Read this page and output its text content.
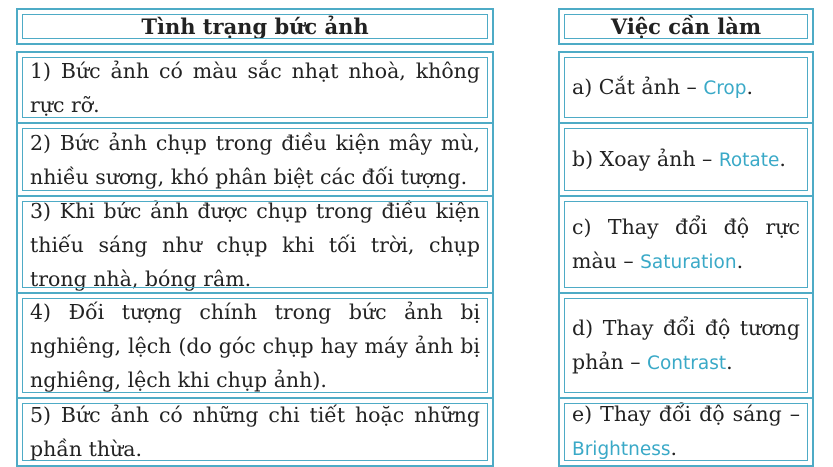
Tình trạng bức ảnh
1) Bức ảnh có màu sắc nhạt nhoà, không rực rỡ.
2) Bức ảnh chụp trong điều kiện mây mù, nhiều sương, khó phân biệt các đối tượng.
3) Khi bức ảnh được chụp trong điều kiện thiếu sáng như chụp khi tối trời, chụp trong nhà, bóng râm.
4) Đối tượng chính trong bức ảnh bị nghiêng, lệch (do góc chụp hay máy ảnh bị nghiêng, lệch khi chụp ảnh).
5) Bức ảnh có những chi tiết hoặc những phần thừa.
Việc cần làm
a) Cắt ảnh – Crop.
b) Xoay ảnh – Rotate.
c) Thay đổi độ rực màu – Saturation.
d) Thay đổi độ tương phản – Contrast.
e) Thay đổi độ sáng – Brightness.
